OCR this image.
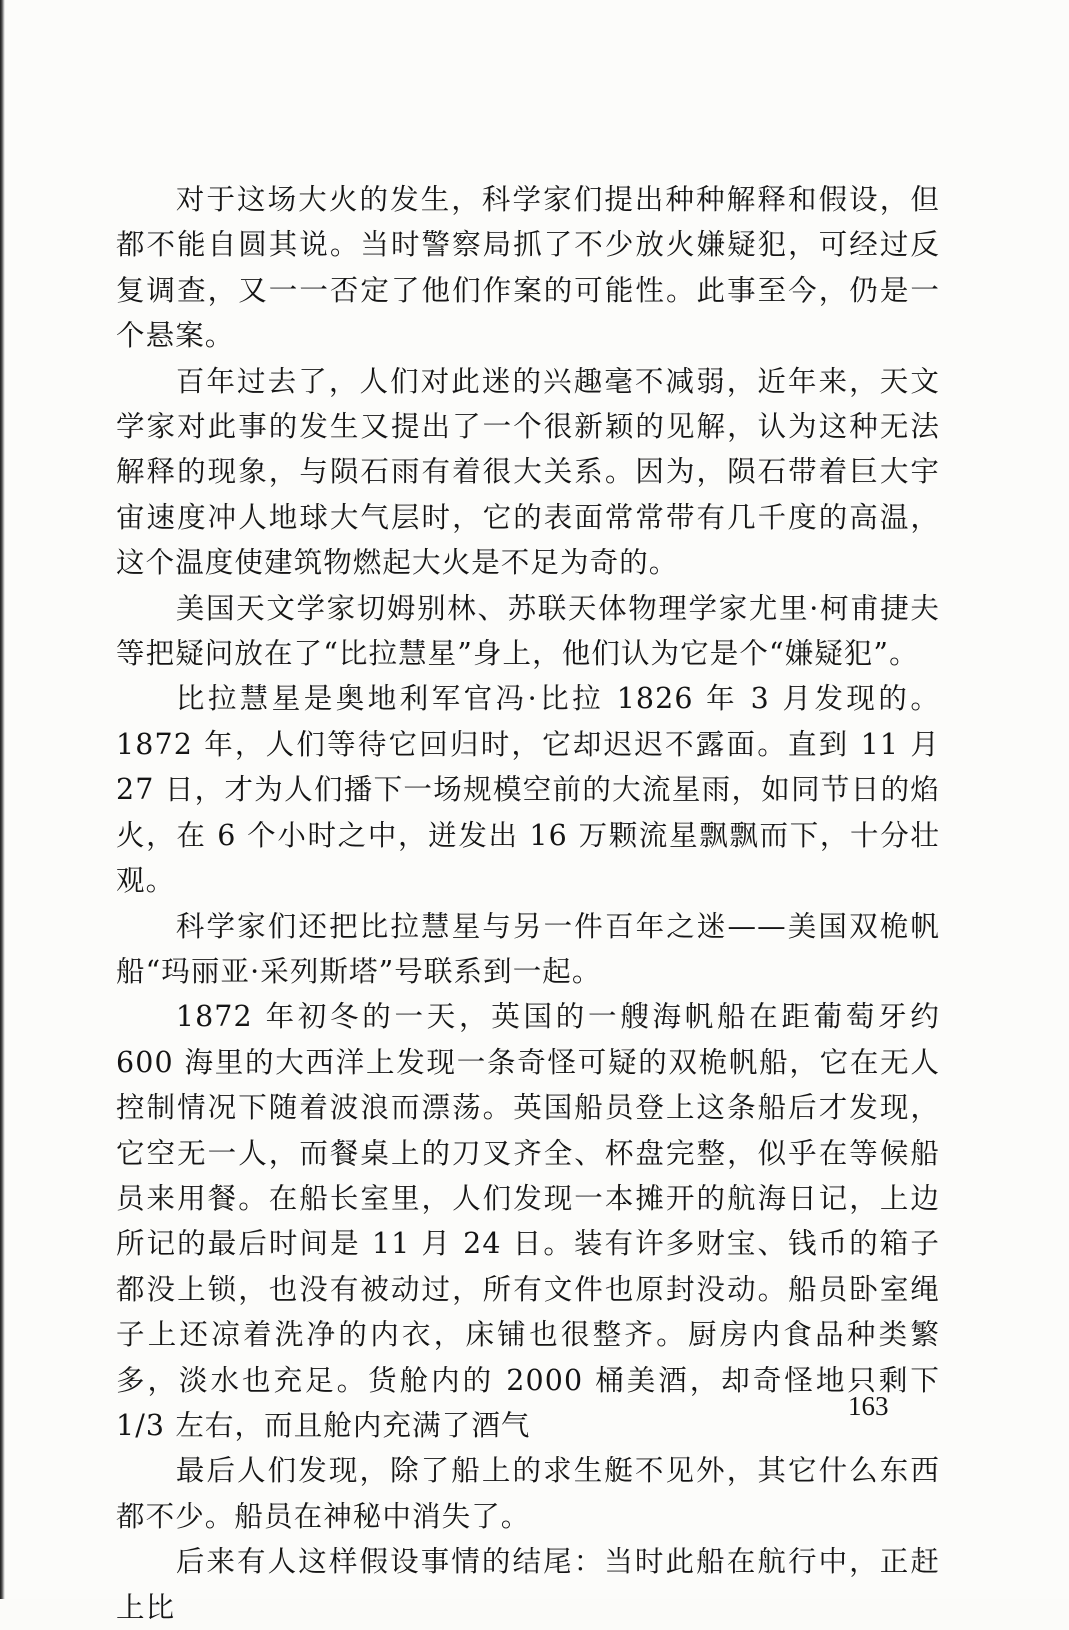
对于这场大火的发生，科学家们提出种种解释和假设，但都不能自圆其说。当时警察局抓了不少放火嫌疑犯，可经过反复调查，又一一否定了他们作案的可能性。此事至今，仍是一个悬案。

百年过去了，人们对此迷的兴趣毫不减弱，近年来，天文学家对此事的发生又提出了一个很新颖的见解，认为这种无法解释的现象，与陨石雨有着很大关系。因为，陨石带着巨大宇宙速度冲人地球大气层时，它的表面常常带有几千度的高温，这个温度使建筑物燃起大火是不足为奇的。

美国天文学家切姆别林、苏联天体物理学家尤里·柯甫捷夫等把疑问放在了“比拉慧星”身上，他们认为它是个“嫌疑犯”。

比拉慧星是奥地利军官冯·比拉 1826 年 3 月发现的。1872 年，人们等待它回归时，它却迟迟不露面。直到 11 月 27 日，才为人们播下一场规模空前的大流星雨，如同节日的焰火，在 6 个小时之中，迸发出 16 万颗流星飘飘而下，十分壮观。

科学家们还把比拉慧星与另一件百年之迷——美国双桅帆船“玛丽亚·采列斯塔”号联系到一起。

1872 年初冬的一天，英国的一艘海帆船在距葡萄牙约 600 海里的大西洋上发现一条奇怪可疑的双桅帆船，它在无人控制情况下随着波浪而漂荡。英国船员登上这条船后才发现，它空无一人，而餐桌上的刀叉齐全、杯盘完整，似乎在等候船员来用餐。在船长室里，人们发现一本摊开的航海日记，上边所记的最后时间是 11 月 24 日。装有许多财宝、钱币的箱子都没上锁，也没有被动过，所有文件也原封没动。船员卧室绳子上还凉着洗净的内衣，床铺也很整齐。厨房内食品种类繁多，淡水也充足。货舱内的 2000 桶美酒，却奇怪地只剩下 1/3 左右，而且舱内充满了酒气

最后人们发现，除了船上的求生艇不见外，其它什么东西都不少。船员在神秘中消失了。

后来有人这样假设事情的结尾：当时此船在航行中，正赶上比

163
